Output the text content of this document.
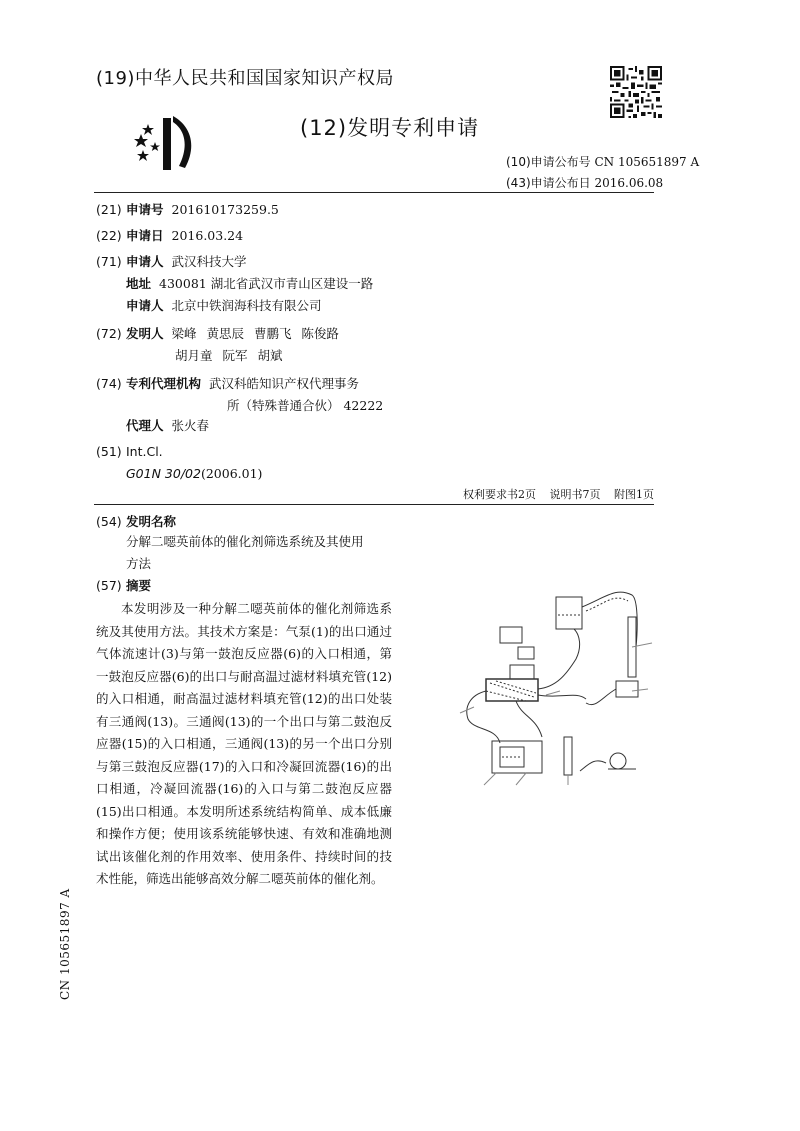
(19)中华人民共和国国家知识产权局
(12)发明专利申请
(10)申请公布号 CN 105651897 A
(43)申请公布日 2016.06.08
(21) 申请号 201610173259.5
(22) 申请日 2016.03.24
(71) 申请人 武汉科技大学
地址 430081 湖北省武汉市青山区建设一路
申请人 北京中铁润海科技有限公司
(72) 发明人 梁峰 黄思辰 曹鹏飞 陈俊路
胡月童 阮军 胡斌
(74) 专利代理机构 武汉科皓知识产权代理事务
所（特殊普通合伙） 42222
代理人 张火春
(51) Int.Cl.
G01N 30/02(2006.01)
权利要求书2页 说明书7页 附图1页
(54) 发明名称
分解二噁英前体的催化剂筛选系统及其使用
方法
(57) 摘要
本发明涉及一种分解二噁英前体的催化剂筛选系统及其使用方法。其技术方案是：气泵(1)的出口通过气体流速计(3)与第一鼓泡反应器(6)的入口相通，第一鼓泡反应器(6)的出口与耐高温过滤材料填充管(12)的入口相通，耐高温过滤材料填充管(12)的出口处装有三通阀(13)。三通阀(13)的一个出口与第二鼓泡反应器(15)的入口相通，三通阀(13)的另一个出口分别与第三鼓泡反应器(17)的入口和冷凝回流器(16)的出口相通，冷凝回流器(16)的入口与第二鼓泡反应器(15)出口相通。本发明所述系统结构简单、成本低廉和操作方便；使用该系统能够快速、有效和准确地测试出该催化剂的作用效率、使用条件、持续时间的技术性能，筛选出能够高效分解二噁英前体的催化剂。
CN 105651897 A
